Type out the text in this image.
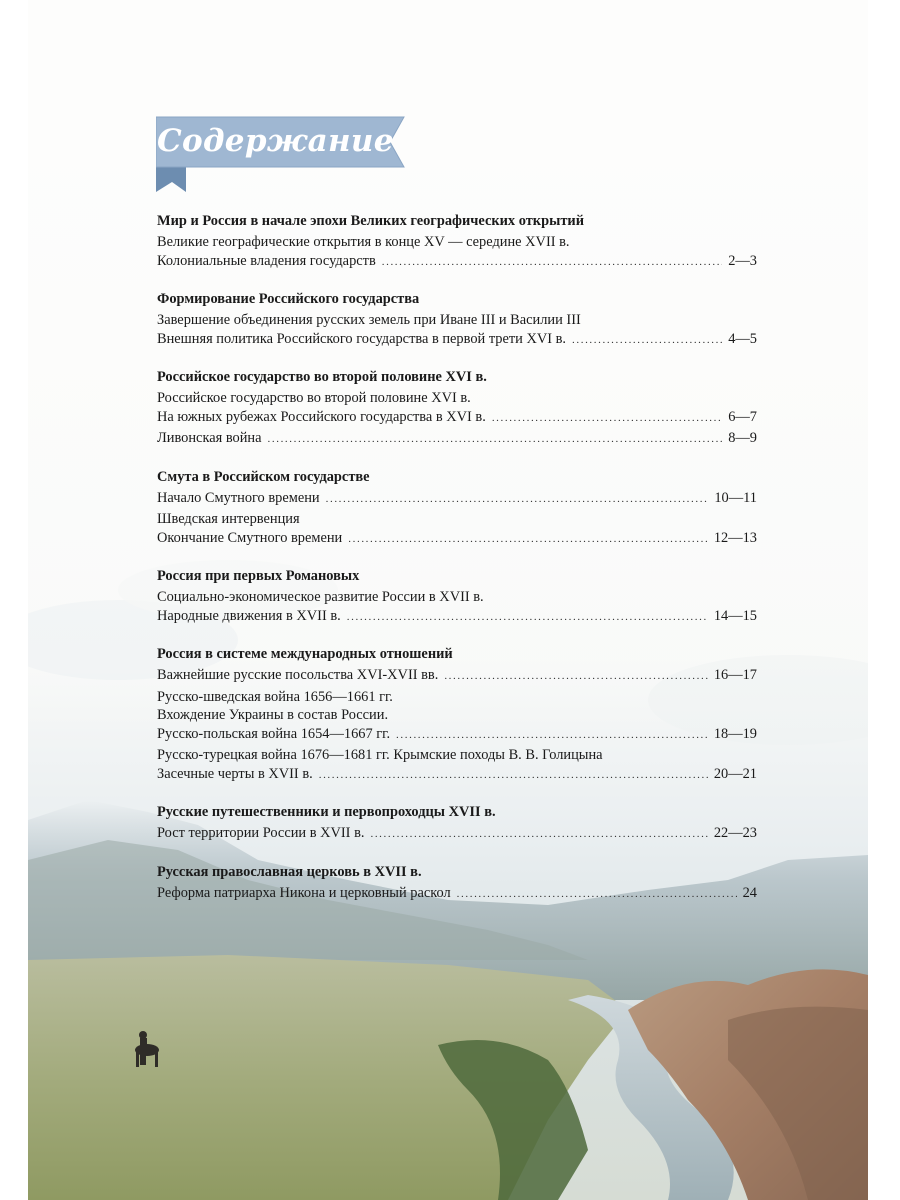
Содержание
Мир и Россия в начале эпохи Великих географических открытий
Великие географические открытия в конце XV — середине XVII в.
Колониальные владения государств .....	2—3
Формирование Российского государства
Завершение объединения русских земель при Иване III и Василии III
Внешняя политика Российского государства в первой трети XVI в. .....	4—5
Российское государство во второй половине XVI в.
Российское государство во второй половине XVI в.
На южных рубежах Российского государства в XVI в. .....	6—7
Ливонская война .....	8—9
Смута в Российском государстве
Начало Смутного времени .....	10—11
Шведская интервенция
Окончание Смутного времени .....	12—13
Россия при первых Романовых
Социально-экономическое развитие России в XVII в.
Народные движения в XVII в. .....	14—15
Россия в системе международных отношений
Важнейшие русские посольства XVI-XVII вв. .....	16—17
Русско-шведская война 1656—1661 гг.
Вхождение Украины в состав России.
Русско-польская война 1654—1667 гг. .....	18—19
Русско-турецкая война 1676—1681 гг. Крымские походы В. В. Голицына
Засечные черты в XVII в. .....	20—21
Русские путешественники и первопроходцы XVII в.
Рост территории России в XVII в. .....	22—23
Русская православная церковь в XVII в.
Реформа патриарха Никона и церковный раскол .....	24
